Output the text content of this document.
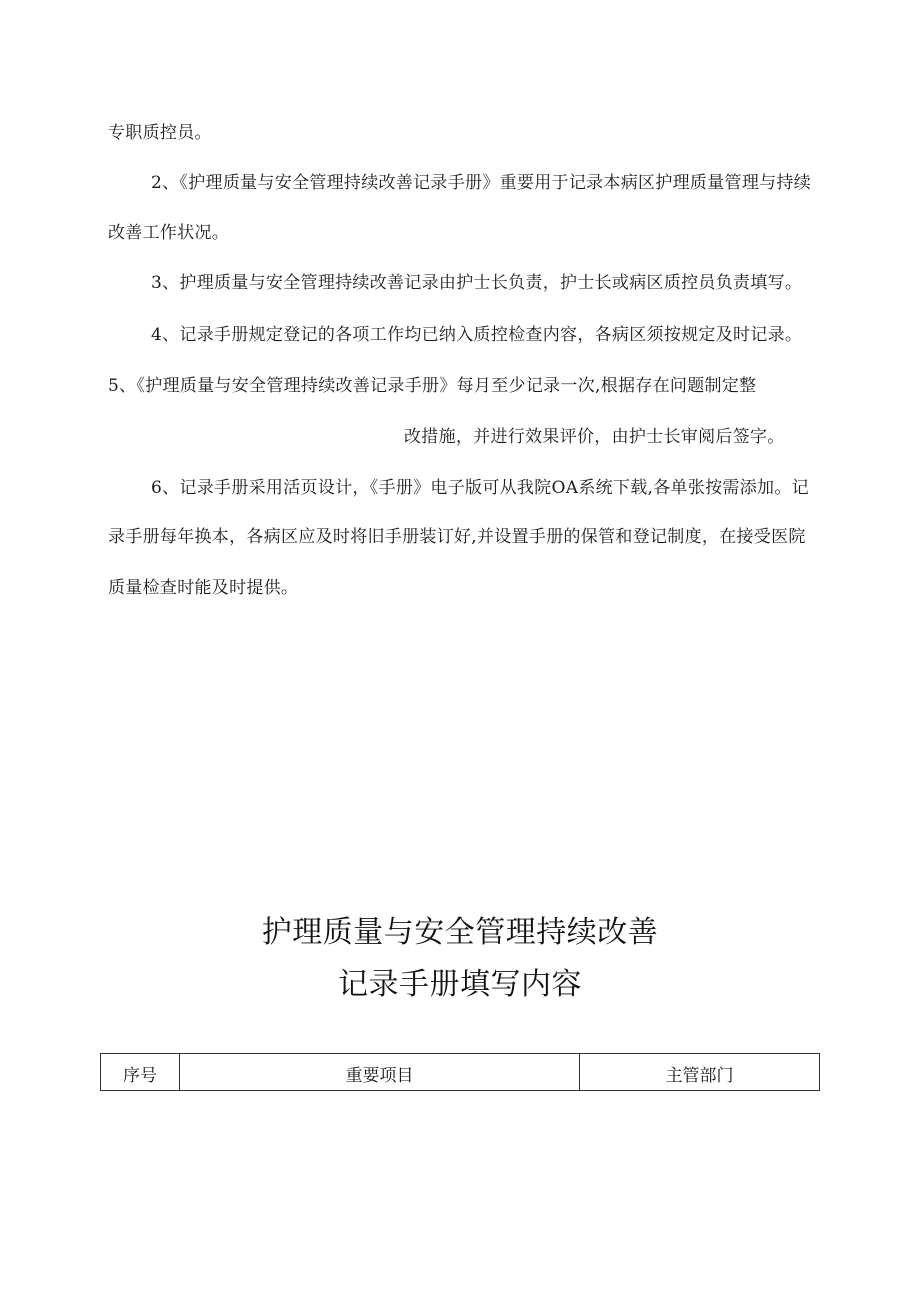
专职质控员。
2、《护理质量与安全管理持续改善记录手册》重要用于记录本病区护理质量管理与持续
改善工作状况。
3、护理质量与安全管理持续改善记录由护士长负责，护士长或病区质控员负责填写。
4、记录手册规定登记的各项工作均已纳入质控检查内容，各病区须按规定及时记录。
5、《护理质量与安全管理持续改善记录手册》每月至少记录一次,根据存在问题制定整
改措施，并进行效果评价，由护士长审阅后签字。
6、记录手册采用活页设计，《手册》电子版可从我院OA系统下载,各单张按需添加。记
录手册每年换本，各病区应及时将旧手册装订好,并设置手册的保管和登记制度，在接受医院
质量检查时能及时提供。
护理质量与安全管理持续改善
记录手册填写内容
序号	重要项目	主管部门
